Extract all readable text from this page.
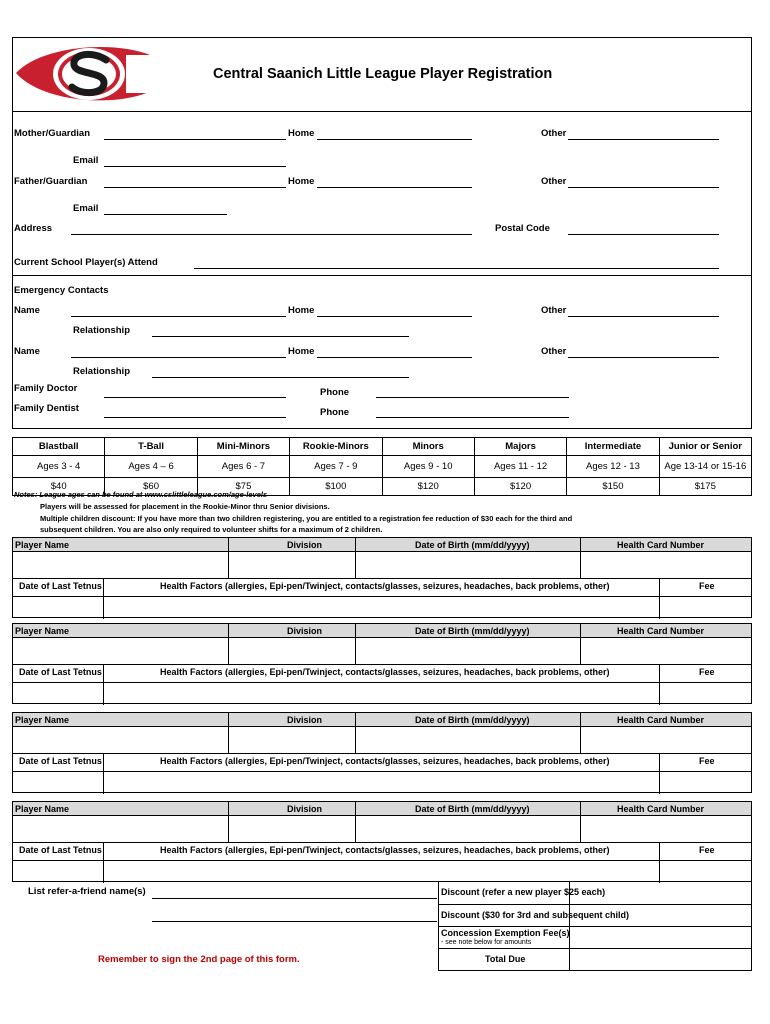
Central Saanich Little League Player Registration
Mother/Guardian	Home	Other
Email
Father/Guardian	Home	Other
Email
Address	Postal Code
Current School Player(s) Attend
Emergency Contacts
Name	Home	Other
Relationship
Name	Home	Other
Relationship
Family Doctor	Phone
Family Dentist	Phone
Blastball	T-Ball	Mini-Minors	Rookie-Minors	Minors	Majors	Intermediate	Junior or Senior
Ages 3 - 4	Ages 4 – 6	Ages 6 - 7	Ages 7 - 9	Ages 9 - 10	Ages 11 - 12	Ages 12 - 13	Age 13-14 or 15-16
$40	$60	$75	$100	$120	$120	$150	$175
Notes: League ages can be found at www.cslittleleague.com/age-levels
Players will be assessed for placement in the Rookie-Minor thru Senior divisions.
Multiple children discount: If you have more than two children registering, you are entitled to a registration fee reduction of $30 each for the third and
subsequent children. You are also only required to volunteer shifts for a maximum of 2 children.
Player Name	Division	Date of Birth (mm/dd/yyyy)	Health Card Number
Date of Last Tetnus	Health Factors (allergies, Epi-pen/Twinject, contacts/glasses, seizures, headaches, back problems, other)	Fee
Player Name	Division	Date of Birth (mm/dd/yyyy)	Health Card Number
Date of Last Tetnus	Health Factors (allergies, Epi-pen/Twinject, contacts/glasses, seizures, headaches, back problems, other)	Fee
Player Name	Division	Date of Birth (mm/dd/yyyy)	Health Card Number
Date of Last Tetnus	Health Factors (allergies, Epi-pen/Twinject, contacts/glasses, seizures, headaches, back problems, other)	Fee
Player Name	Division	Date of Birth (mm/dd/yyyy)	Health Card Number
Date of Last Tetnus	Health Factors (allergies, Epi-pen/Twinject, contacts/glasses, seizures, headaches, back problems, other)	Fee
List refer-a-friend name(s)	Discount (refer a new player $25 each)
Discount ($30 for 3rd and subsequent child)
Concession Exemption Fee(s)
- see note below for amounts
Total Due
Remember to sign the 2nd page of this form.
